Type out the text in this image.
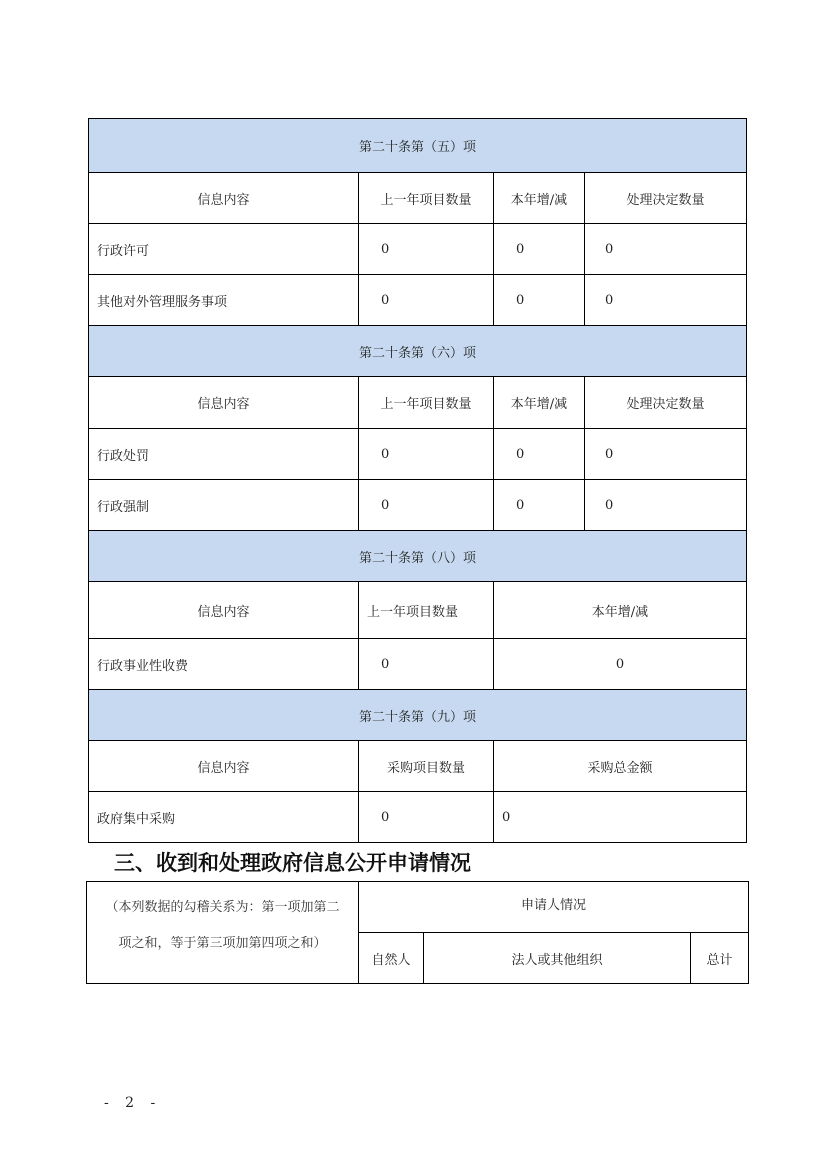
第二十条第（五）项
信息内容	上一年项目数量	本年增/减	处理决定数量
行政许可	0	0	0
其他对外管理服务事项	0	0	0
第二十条第（六）项
信息内容	上一年项目数量	本年增/减	处理决定数量
行政处罚	0	0	0
行政强制	0	0	0
第二十条第（八）项
信息内容	上一年项目数量	本年增/减
行政事业性收费	0	0
第二十条第（九）项
信息内容	采购项目数量	采购总金额
政府集中采购	0	0
三、收到和处理政府信息公开申请情况
（本列数据的勾稽关系为：第一项加第二
项之和，等于第三项加第四项之和）
申请人情况
自然人	法人或其他组织	总计
- 2 -
